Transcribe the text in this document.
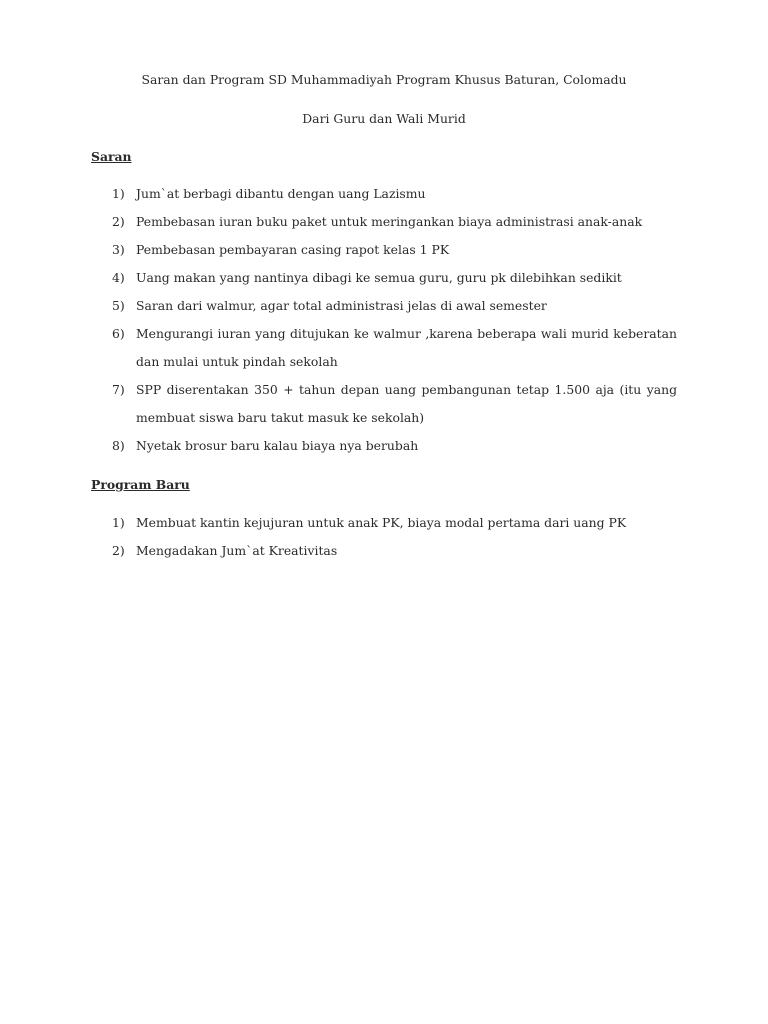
Saran dan Program SD Muhammadiyah Program Khusus Baturan, Colomadu
Dari Guru dan Wali Murid
Saran
1) Jum`at berbagi dibantu dengan uang Lazismu
2) Pembebasan iuran buku paket untuk meringankan biaya administrasi anak-anak
3) Pembebasan pembayaran casing rapot kelas 1 PK
4) Uang makan yang nantinya dibagi ke semua guru, guru pk dilebihkan sedikit
5) Saran dari walmur, agar total administrasi jelas di awal semester
6) Mengurangi iuran yang ditujukan ke walmur ,karena beberapa wali murid keberatan dan mulai untuk pindah sekolah
7) SPP diserentakan 350 + tahun depan uang pembangunan tetap 1.500 aja (itu yang membuat siswa baru takut masuk ke sekolah)
8) Nyetak brosur baru kalau biaya nya berubah
Program Baru
1) Membuat kantin kejujuran untuk anak PK, biaya modal pertama dari uang PK
2) Mengadakan Jum`at Kreativitas
